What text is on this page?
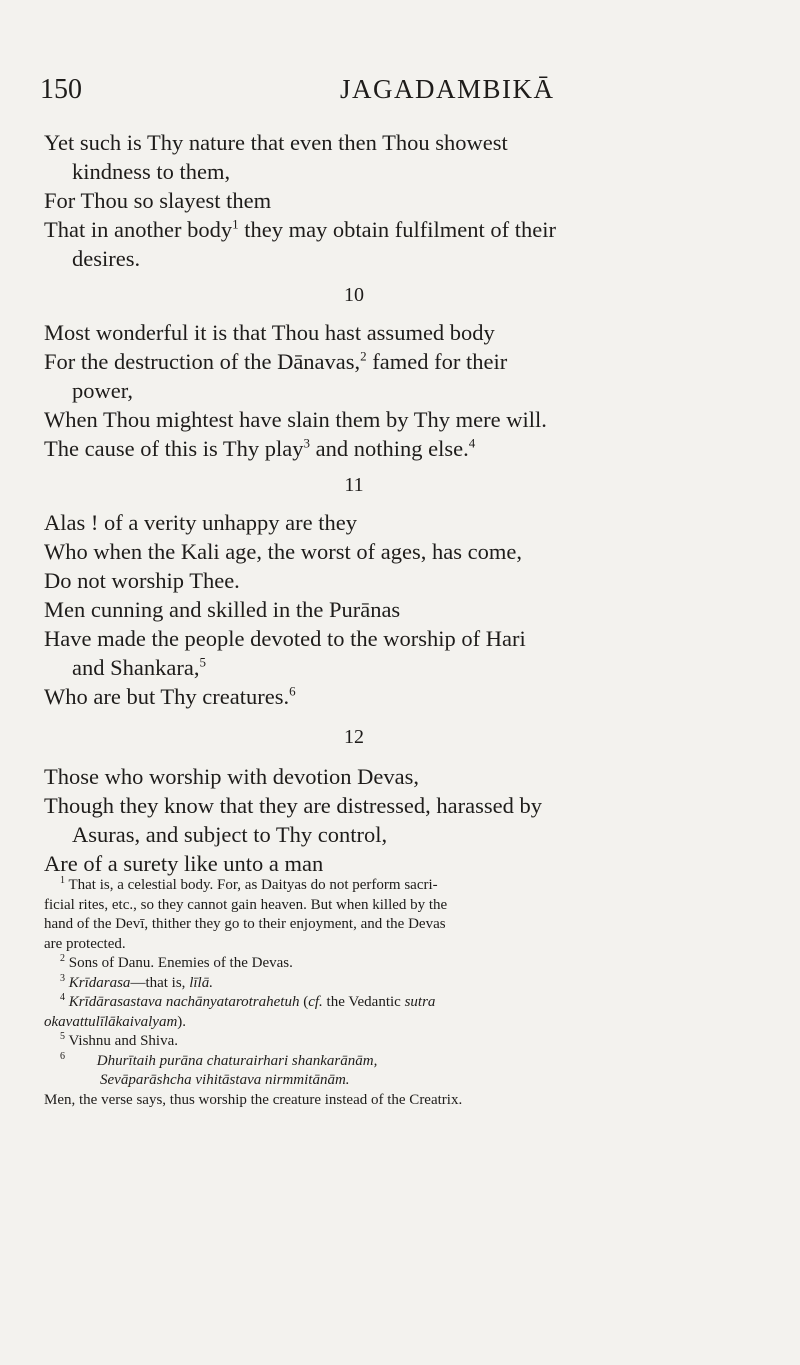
150	JAGADAMBIKĀ
Yet such is Thy nature that even then Thou showest
kindness to them,
For Thou so slayest them
That in another body$^1$ they may obtain fulfilment of their
desires.
10
Most wonderful it is that Thou hast assumed body
For the destruction of the Dānavas,$^2$ famed for their
power,
When Thou mightest have slain them by Thy mere will.
The cause of this is Thy play$^3$ and nothing else.$^4$
11
Alas ! of a verity unhappy are they
Who when the Kali age, the worst of ages, has come,
Do not worship Thee.
Men cunning and skilled in the Purānas
Have made the people devoted to the worship of Hari
and Shankara,$^5$
Who are but Thy creatures.$^6$
12
Those who worship with devotion Devas,
Though they know that they are distressed, harassed by
Asuras, and subject to Thy control,
Are of a surety like unto a man
$^1$ That is, a celestial body. For, as Daityas do not perform sacri-
ficial rites, etc., so they cannot gain heaven. But when killed by the
hand of the Devī, thither they go to their enjoyment, and the Devas
are protected.
$^2$ Sons of Danu. Enemies of the Devas.
$^3$ Krīdarasa—that is, līlā.
$^4$ Krīdārasastava nachānyatarotrahetuh (cf. the Vedantic sutra
okavattulīlākaivalyam).
$^5$ Vishnu and Shiva.
$^6$ Dhurītaih purāna chaturairhari shankarānām,
Sevāparāshcha vihitāstava nirmmitānām.
Men, the verse says, thus worship the creature instead of the Creatrix.
